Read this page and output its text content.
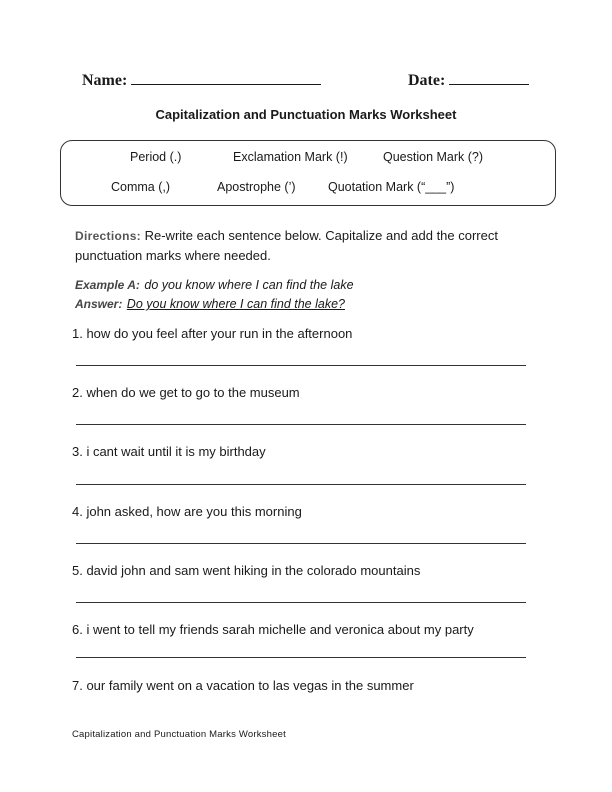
Name:	Date:
Capitalization and Punctuation Marks Worksheet
Period (.)	Exclamation Mark (!)	Question Mark (?)
Comma (,)	Apostrophe (’)	Quotation Mark (“___”)
Directions: Re-write each sentence below. Capitalize and add the correct punctuation marks where needed.
Example A: do you know where I can find the lake
Answer: Do you know where I can find the lake?
1. how do you feel after your run in the afternoon
2. when do we get to go to the museum
3. i cant wait until it is my birthday
4. john asked, how are you this morning
5. david john and sam went hiking in the colorado mountains
6. i went to tell my friends sarah michelle and veronica about my party
7. our family went on a vacation to las vegas in the summer
Capitalization and Punctuation Marks Worksheet
